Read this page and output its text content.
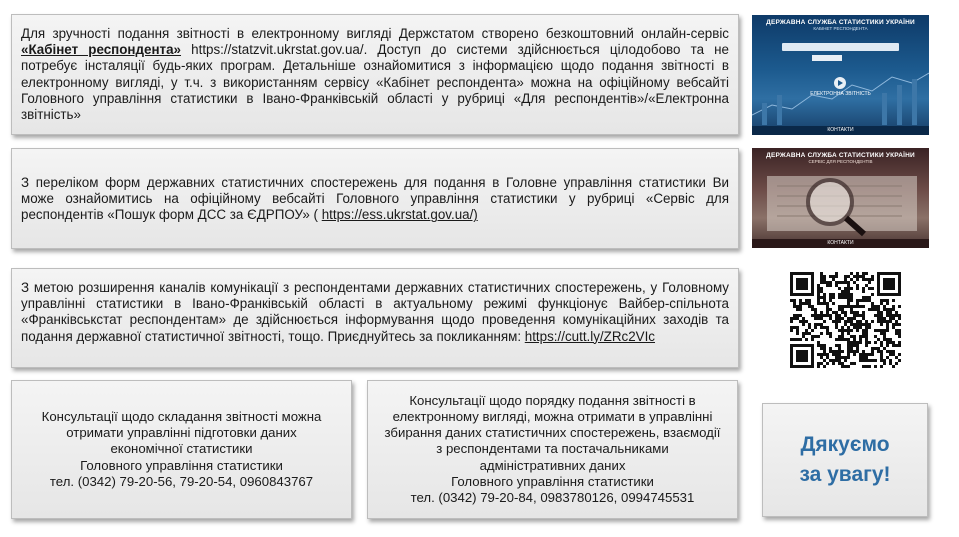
Для зручності подання звітності в електронному вигляді Держстатом створено безкоштовний онлайн-сервіс «Кабінет респондента» https://statzvit.ukrstat.gov.ua/. Доступ до системи здійснюється цілодобово та не потребує інсталяції будь-яких програм. Детальніше ознайомитися з інформацією щодо подання звітності в електронному вигляді, у т.ч. з використанням сервісу «Кабінет респондента» можна на офіційному вебсайті Головного управління статистики в Івано-Франківській області у рубриці «Для респондентів»/«Електронна звітність»

З переліком форм державних статистичних спостережень для подання в Головне управління статистики Ви може ознайомитись на офіційному вебсайті Головного управління статистики у рубриці «Сервіс для респондентів «Пошук форм ДСС за ЄДРПОУ» ( https://ess.ukrstat.gov.ua/)

З метою розширення каналів комунікації з респондентами державних статистичних спостережень, у Головному управлінні статистики в Івано-Франківській області в актуальному режимі функціонує Вайбер-спільнота «Франківськстат респондентам» де здійснюється інформування щодо проведення комунікаційних заходів та подання державної статистичної звітності, тощо. Приєднуйтесь за покликанням: https://cutt.ly/ZRc2VIc

Консультації щодо складання звітності можна
отримати управлінні підготовки даних
економічної статистики
Головного управління статистики
тел. (0342) 79-20-56, 79-20-54, 0960843767
Консультації щодо порядку подання звітності в
електронному вигляді, можна отримати в управлінні
збирання даних статистичних спостережень, взаємодії
з респондентами та постачальниками
адміністративних даних
Головного управління статистики
тел. (0342) 79-20-84, 0983780126, 0994745531
Дякуємо
за увагу!
ДЕРЖАВНА СЛУЖБА СТАТИСТИКИ УКРАЇНИ
КАБІНЕТ РЕСПОНДЕНТА
ЕЛЕКТРОННА ЗВІТНІСТЬ
КОНТАКТИ
ДЕРЖАВНА СЛУЖБА СТАТИСТИКИ УКРАЇНИ
СЕРВІС ДЛЯ РЕСПОНДЕНТІВ
КОНТАКТИ
